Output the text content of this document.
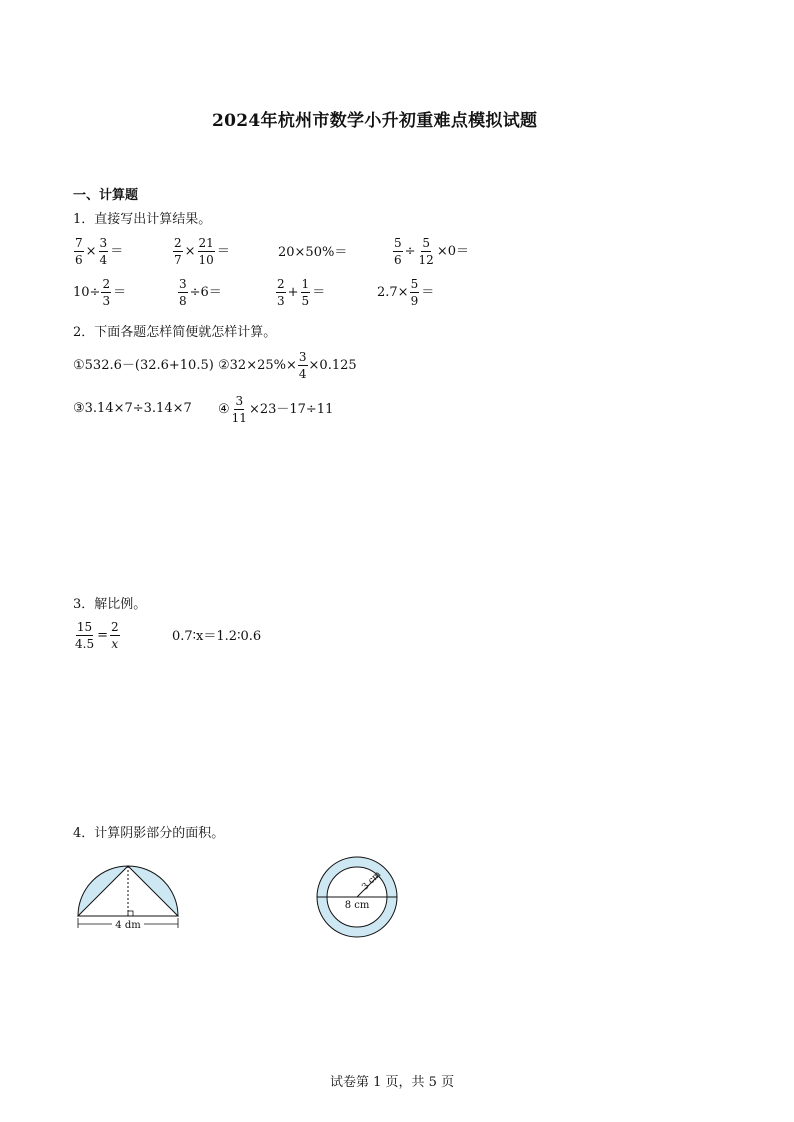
2024年杭州市数学小升初重难点模拟试题
一、计算题
1．直接写出计算结果。
$\frac{7}{6} \times \frac{3}{4}$ ＝	$\frac{2}{7} \times \frac{21}{10}$ ＝	20×50%＝	$\frac{5}{6} \div \frac{5}{12} \times 0=$
$10\div \frac{2}{3}$ ＝	$\frac{3}{8} \div 6=$	$\frac{2}{3} + \frac{1}{5}$ ＝	$2.7\times \frac{5}{9}$ ＝
2．下面各题怎样简便就怎样计算。
①532.6－(32.6+10.5) ②32×25%× $\frac{3}{4} \times 0.125$
③3.14×7÷3.14×7 ④ $\frac{3}{11} \times 23-17\div 11$
3．解比例。
$\frac{15}{4.5} = \frac{2}{x}$	0.7∶x＝1.2∶0.6
4．计算阴影部分的面积。
4 dm
3 cm
8 cm
试卷第 1 页，共 5 页
